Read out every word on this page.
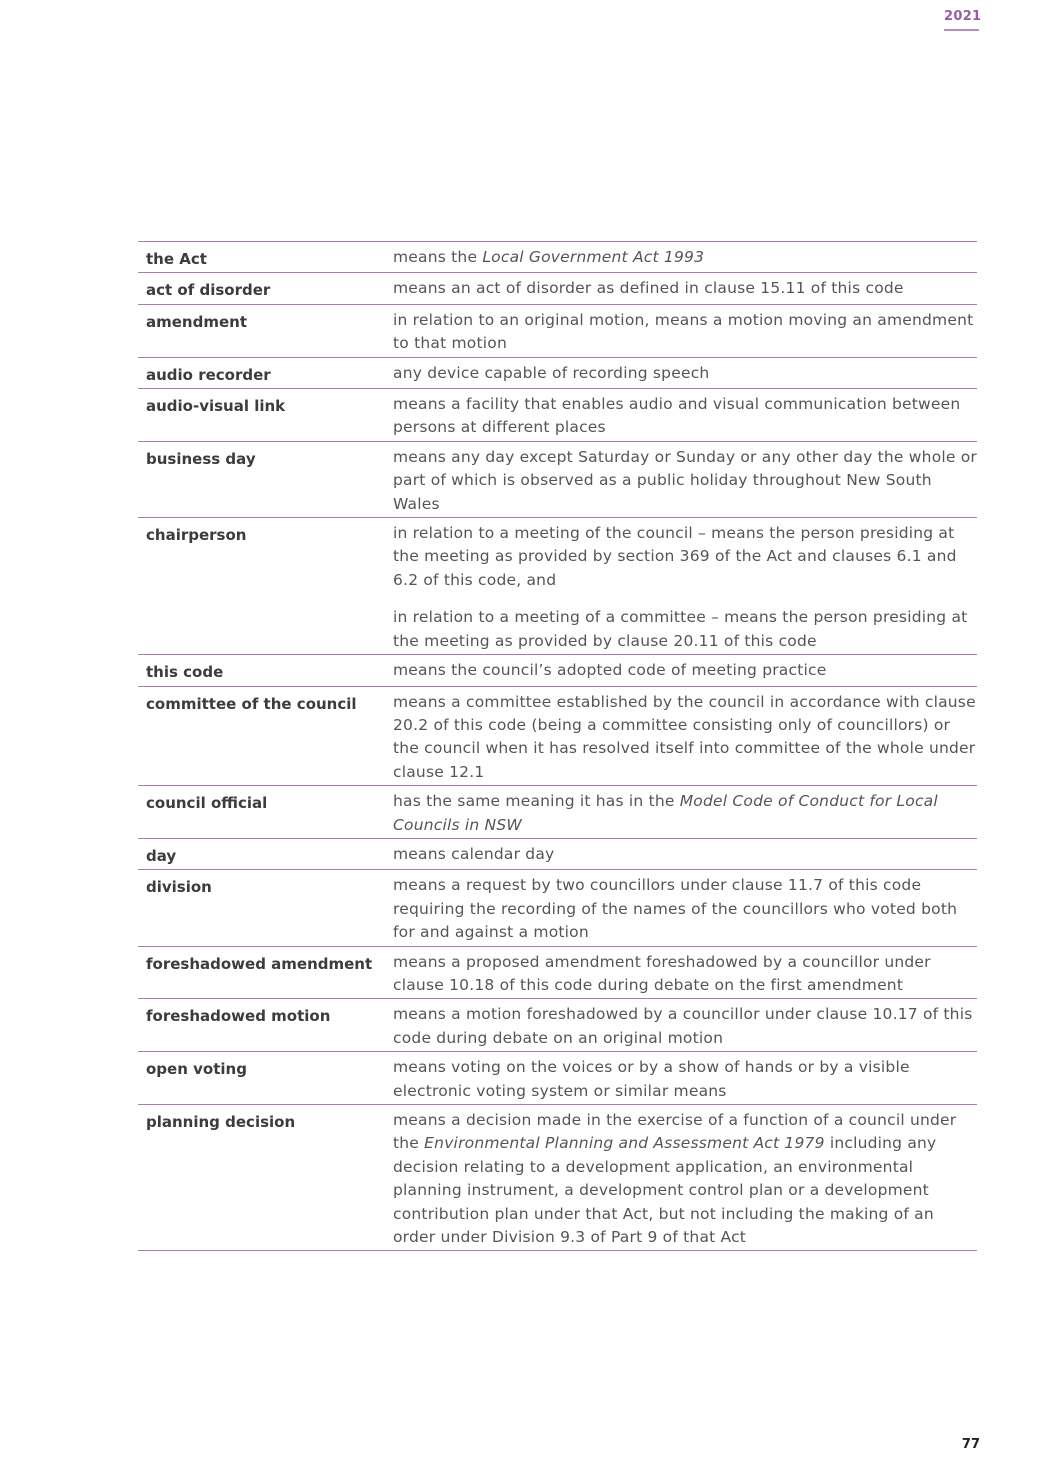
2021
the Act	means the Local Government Act 1993
act of disorder	means an act of disorder as defined in clause 15.11 of this code
amendment	in relation to an original motion, means a motion moving an amendment to that motion
audio recorder	any device capable of recording speech
audio-visual link	means a facility that enables audio and visual communication between persons at different places
business day	means any day except Saturday or Sunday or any other day the whole or part of which is observed as a public holiday throughout New South Wales
chairperson	in relation to a meeting of the council – means the person presiding at the meeting as provided by section 369 of the Act and clauses 6.1 and 6.2 of this code, and

in relation to a meeting of a committee – means the person presiding at the meeting as provided by clause 20.11 of this code

this code	means the council’s adopted code of meeting practice
committee of the council	means a committee established by the council in accordance with clause 20.2 of this code (being a committee consisting only of councillors) or the council when it has resolved itself into committee of the whole under clause 12.1
council official	has the same meaning it has in the Model Code of Conduct for Local Councils in NSW
day	means calendar day
division	means a request by two councillors under clause 11.7 of this code requiring the recording of the names of the councillors who voted both for and against a motion
foreshadowed amendment	means a proposed amendment foreshadowed by a councillor under clause 10.18 of this code during debate on the first amendment
foreshadowed motion	means a motion foreshadowed by a councillor under clause 10.17 of this code during debate on an original motion
open voting	means voting on the voices or by a show of hands or by a visible electronic voting system or similar means
planning decision	means a decision made in the exercise of a function of a council under the Environmental Planning and Assessment Act 1979 including any decision relating to a development application, an environmental planning instrument, a development control plan or a development contribution plan under that Act, but not including the making of an order under Division 9.3 of Part 9 of that Act
77
